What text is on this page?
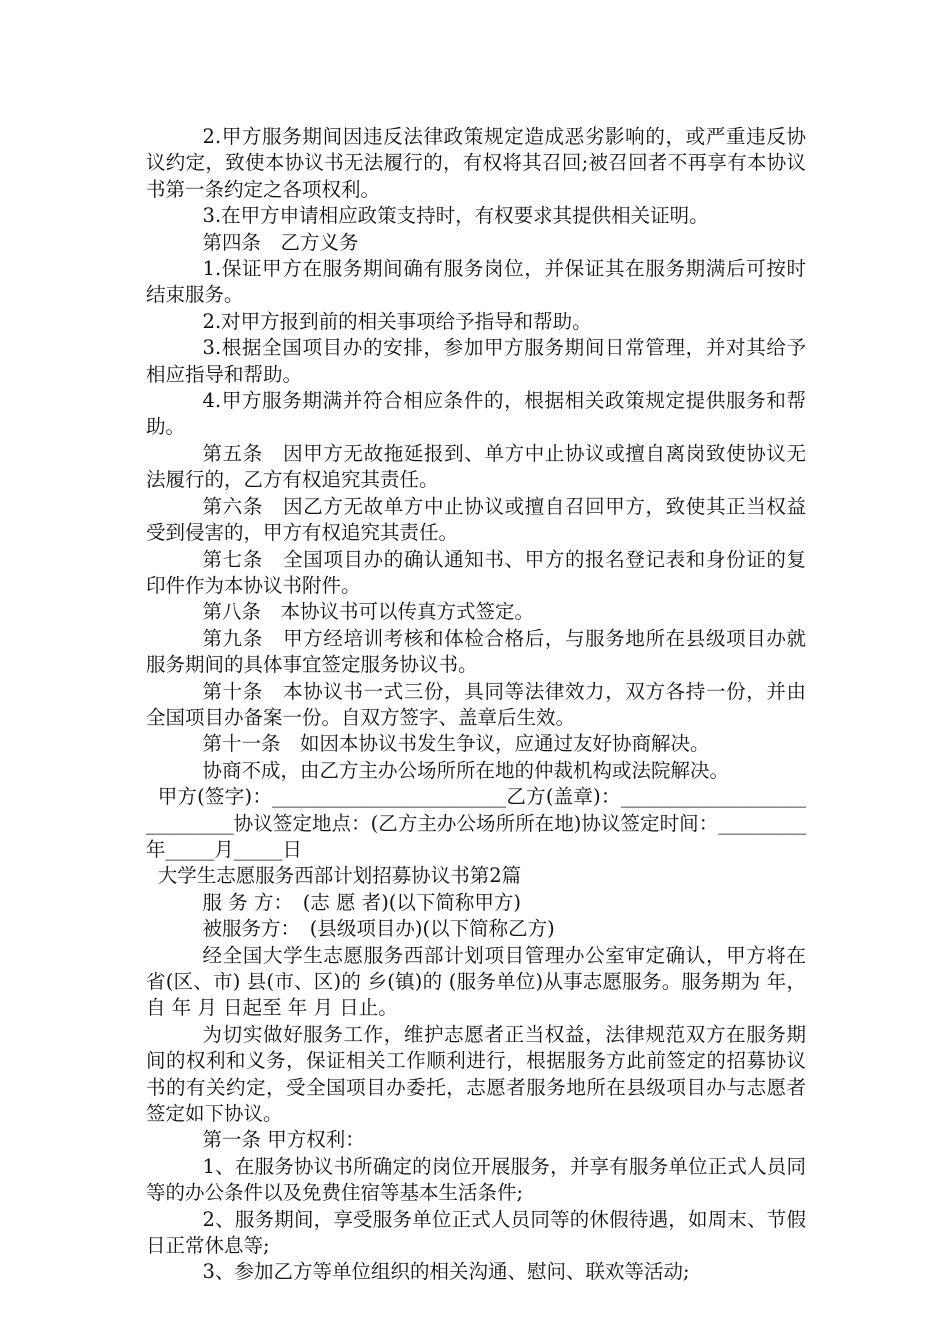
2.甲方服务期间因违反法律政策规定造成恶劣影响的，或严重违反协议约定，致使本协议书无法履行的，有权将其召回;被召回者不再享有本协议书第一条约定之各项权利。

3.在甲方申请相应政策支持时，有权要求其提供相关证明。

第四条　乙方义务

1.保证甲方在服务期间确有服务岗位，并保证其在服务期满后可按时结束服务。

2.对甲方报到前的相关事项给予指导和帮助。

3.根据全国项目办的安排，参加甲方服务期间日常管理，并对其给予相应指导和帮助。

4.甲方服务期满并符合相应条件的，根据相关政策规定提供服务和帮助。

第五条　因甲方无故拖延报到、单方中止协议或擅自离岗致使协议无法履行的，乙方有权追究其责任。

第六条　因乙方无故单方中止协议或擅自召回甲方，致使其正当权益受到侵害的，甲方有权追究其责任。

第七条　全国项目办的确认通知书、甲方的报名登记表和身份证的复印件作为本协议书附件。

第八条　本协议书可以传真方式签定。

第九条　甲方经培训考核和体检合格后，与服务地所在县级项目办就服务期间的具体事宜签定服务协议书。

第十条　本协议书一式三份，具同等法律效力，双方各持一份，并由全国项目办备案一份。自双方签字、盖章后生效。

第十一条　如因本协议书发生争议，应通过友好协商解决。

协商不成，由乙方主办公场所所在地的仲裁机构或法院解决。

甲方(签字)：________________________乙方(盖章)：____________________________协议签定地点：(乙方主办公场所所在地)协议签定时间：_________年_____月_____日

大学生志愿服务西部计划招募协议书第2篇

服 务 方：　(志 愿 者)(以下简称甲方)

被服务方：　(县级项目办)(以下简称乙方)

经全国大学生志愿服务西部计划项目管理办公室审定确认，甲方将在 省(区、市) 县(市、区)的 乡(镇)的 (服务单位)从事志愿服务。服务期为 年，自 年 月 日起至 年 月 日止。

为切实做好服务工作，维护志愿者正当权益，法律规范双方在服务期间的权利和义务，保证相关工作顺利进行，根据服务方此前签定的招募协议书的有关约定，受全国项目办委托，志愿者服务地所在县级项目办与志愿者签定如下协议。

第一条 甲方权利：

1、在服务协议书所确定的岗位开展服务，并享有服务单位正式人员同等的办公条件以及免费住宿等基本生活条件;

2、服务期间，享受服务单位正式人员同等的休假待遇，如周末、节假日正常休息等;

3、参加乙方等单位组织的相关沟通、慰问、联欢等活动;
